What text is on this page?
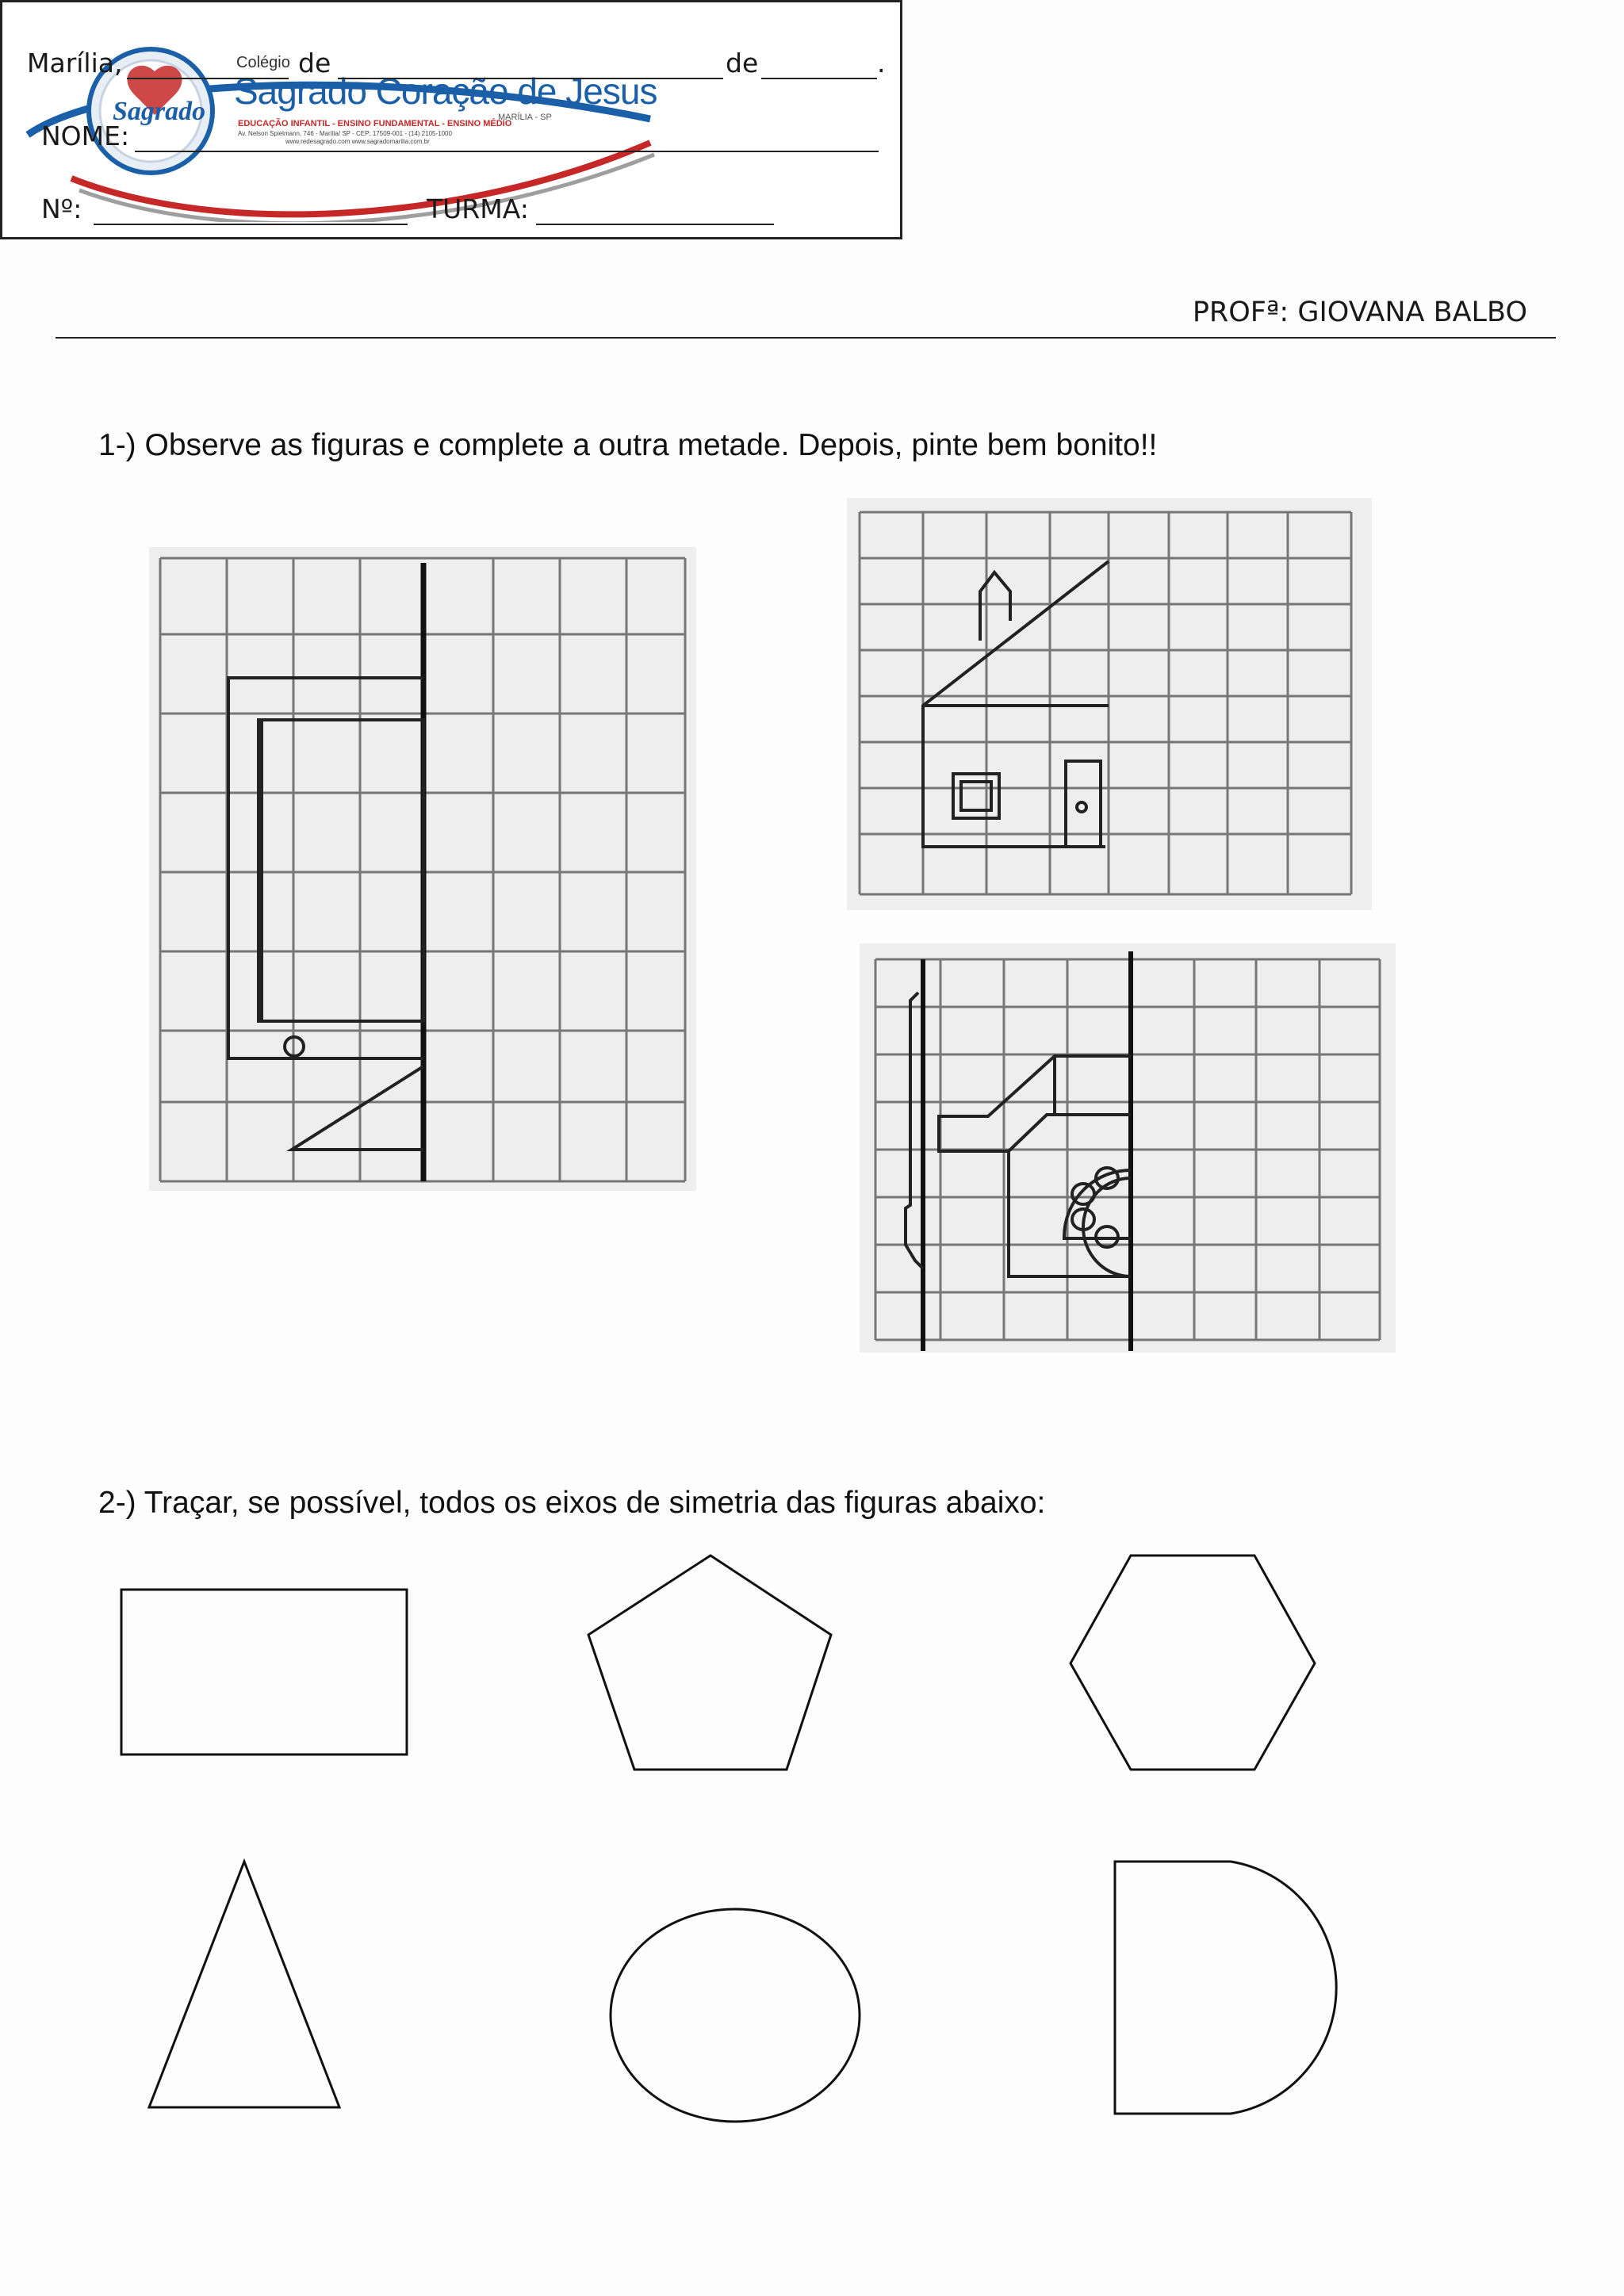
Sagrado
Colégio
Sagrado Coração de Jesus
MARÍLIA - SP
EDUCAÇÃO INFANTIL - ENSINO FUNDAMENTAL - ENSINO MÉDIO
Av. Nelson Spielmann, 746 - Marília/ SP - CEP: 17509-001 - (14) 2105-1000
www.redesagrado.com www.sagradomarilia.com.br
Marília,	de	de	.
NOME:
Nº:	TURMA:
PROFª: GIOVANA BALBO
1-) Observe as figuras e complete a outra metade. Depois, pinte bem bonito!!
2-) Traçar, se possível, todos os eixos de simetria das figuras abaixo:
